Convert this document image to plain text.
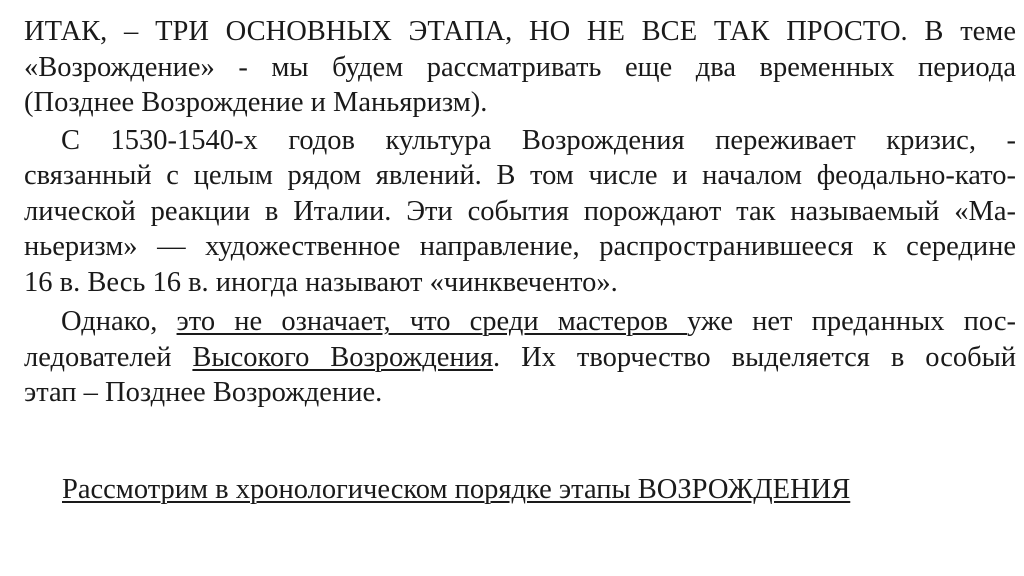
ИТАК, – ТРИ ОСНОВНЫХ ЭТАПА, НО НЕ ВСЕ ТАК ПРОСТО. В теме
«Возрождение» - мы будем рассматривать еще два временных периода
(Позднее Возрождение и Маньяризм).
С 1530-1540-х годов культура Возрождения переживает кризис, -
связанный с целым рядом явлений. В том числе и началом феодально-като-
лической реакции в Италии. Эти события порождают так называемый «Ма-
ньеризм» — художественное направление, распространившееся к середине
16 в. Весь 16 в. иногда называют «чинквеченто».
Однако, это не означает, что среди мастеров уже нет преданных пос-
ледователей Высокого Возрождения. Их творчество выделяется в особый
этап – Позднее Возрождение.
Рассмотрим в хронологическом порядке этапы ВОЗРОЖДЕНИЯ
